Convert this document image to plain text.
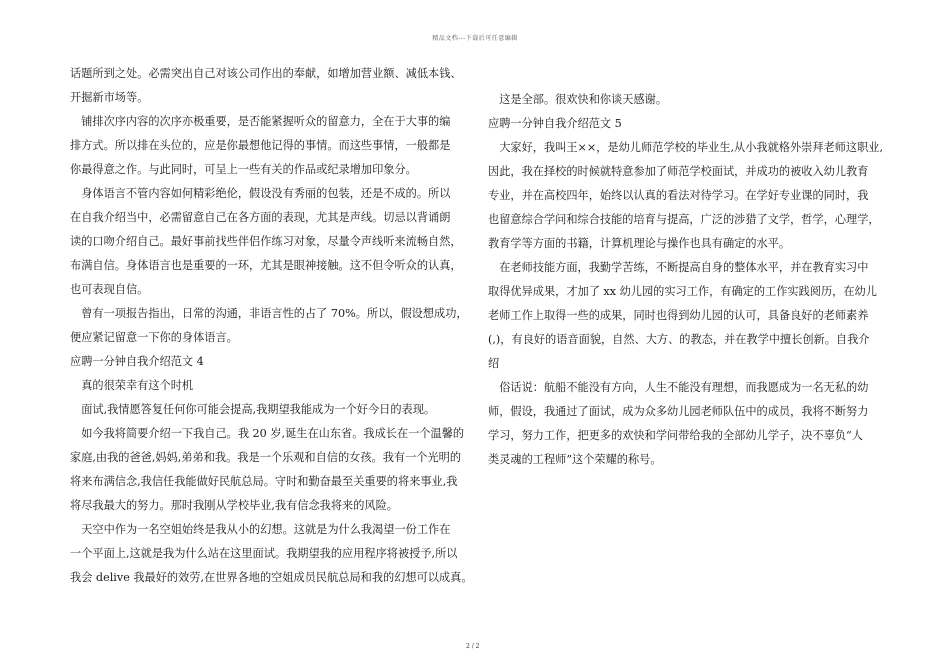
精品文档---下载后可任意编辑
话题所到之处。必需突出自己对该公司作出的奉献，如增加营业额、减低本钱、
开掘新市场等。
　铺排次序内容的次序亦极重要，是否能紧握听众的留意力，全在于大事的编
排方式。所以排在头位的，应是你最想他记得的事情。而这些事情，一般都是
你最得意之作。与此同时，可呈上一些有关的作品或纪录增加印象分。
　身体语言不管内容如何精彩绝伦，假设没有秀丽的包装，还是不成的。所以
在自我介绍当中，必需留意自己在各方面的表现，尤其是声线。切忌以背诵朗
读的口吻介绍自己。最好事前找些伴侣作练习对象，尽量令声线听来流畅自然，
布满自信。身体语言也是重要的一环，尤其是眼神接触。这不但令听众的认真，
也可表现自信。
　曾有一项报告指出，日常的沟通，非语言性的占了 70%。所以，假设想成功，
便应紧记留意一下你的身体语言。
应聘一分钟自我介绍范文 4
　真的很荣幸有这个时机
　面试,我情愿答复任何你可能会提高,我期望我能成为一个好今日的表现。
　如今我将简要介绍一下我自己。我 20 岁,诞生在山东省。我成长在一个温馨的
家庭,由我的爸爸,妈妈,弟弟和我。我是一个乐观和自信的女孩。我有一个光明的
将来布满信念,我信任我能做好民航总局。守时和勤奋最至关重要的将来事业,我
将尽我最大的努力。那时我刚从学校毕业,我有信念我将来的风险。
　天空中作为一名空姐始终是我从小的幻想。这就是为什么我渴望一份工作在
一个平面上,这就是我为什么站在这里面试。我期望我的应用程序将被授予,所以
我会 delive 我最好的效劳,在世界各地的空姐成员民航总局和我的幻想可以成真。
　这是全部。很欢快和你谈天感谢。
应聘一分钟自我介绍范文 5
　大家好，我叫王××，是幼儿师范学校的毕业生,从小我就格外崇拜老师这职业,
因此，我在择校的时候就特意参加了师范学校面试，并成功的被收入幼儿教育
专业，并在高校四年，始终以认真的看法对待学习。在学好专业课的同时，我
也留意综合学问和综合技能的培育与提高，广泛的涉猎了文学，哲学，心理学，
教育学等方面的书籍，计算机理论与操作也具有确定的水平。
　在老师技能方面，我勤学苦练，不断提高自身的整体水平，并在教育实习中
取得优异成果，才加了 xx 幼儿园的实习工作，有确定的工作实践阅历，在幼儿
老师工作上取得一些的成果，同时也得到幼儿园的认可，具备良好的老师素养
(,)，有良好的语音面貌，自然、大方、的教态，并在教学中擅长创新。自我介
绍
　俗话说：航船不能没有方向，人生不能没有理想，而我愿成为一名无私的幼
师，假设，我通过了面试，成为众多幼儿园老师队伍中的成员，我将不断努力
学习，努力工作，把更多的欢快和学问带给我的全部幼儿学子，决不辜负“人
类灵魂的工程师”这个荣耀的称号。
2 / 2
